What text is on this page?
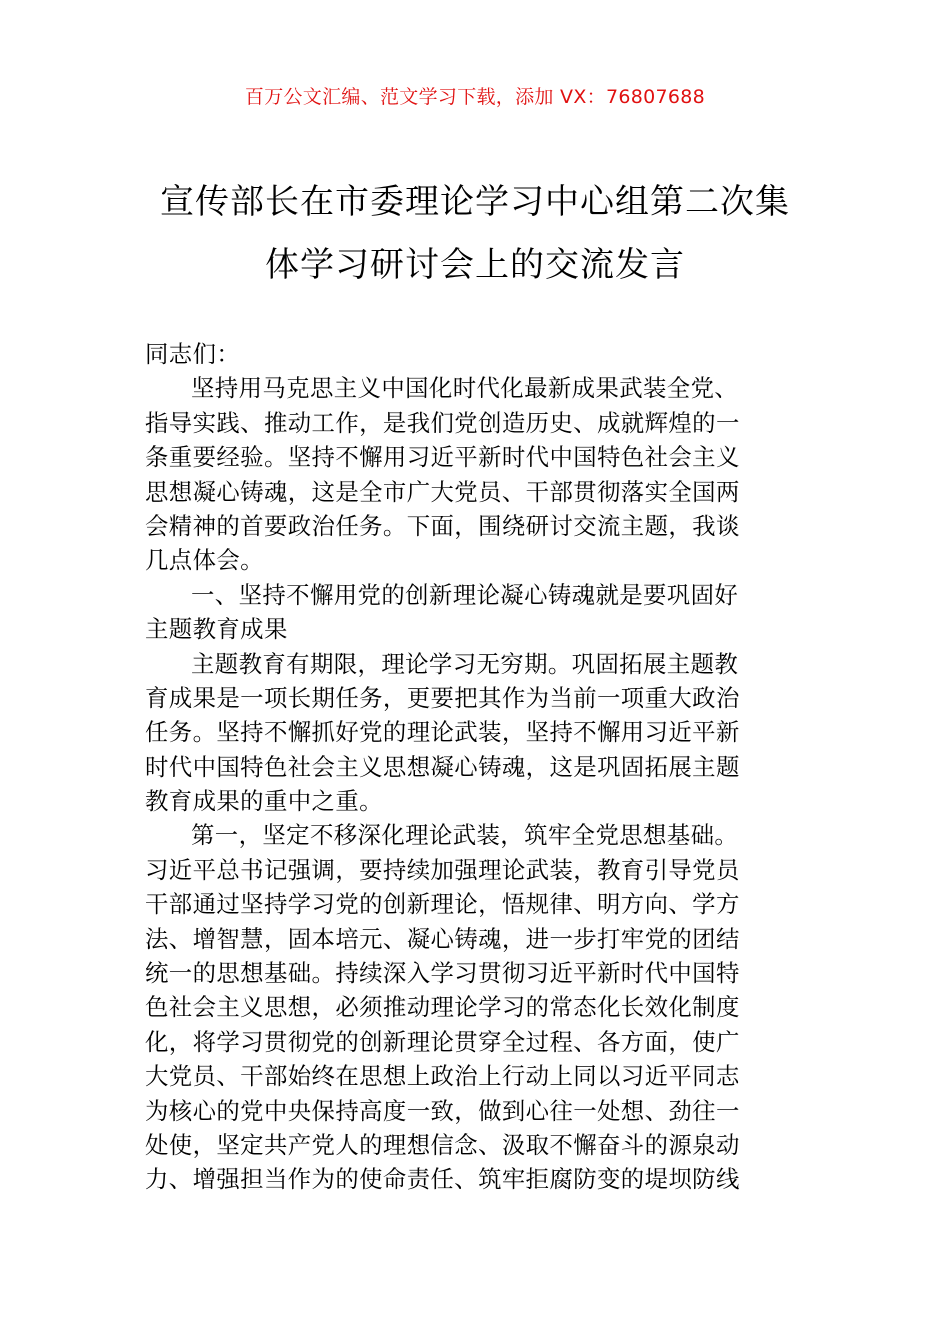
百万公文汇编、范文学习下载，添加 VX：76807688
宣传部长在市委理论学习中心组第二次集
体学习研讨会上的交流发言
同志们：
坚持用马克思主义中国化时代化最新成果武装全党、
指导实践、推动工作，是我们党创造历史、成就辉煌的一
条重要经验。坚持不懈用习近平新时代中国特色社会主义
思想凝心铸魂，这是全市广大党员、干部贯彻落实全国两
会精神的首要政治任务。下面，围绕研讨交流主题，我谈
几点体会。
一、坚持不懈用党的创新理论凝心铸魂就是要巩固好
主题教育成果
主题教育有期限，理论学习无穷期。巩固拓展主题教
育成果是一项长期任务，更要把其作为当前一项重大政治
任务。坚持不懈抓好党的理论武装，坚持不懈用习近平新
时代中国特色社会主义思想凝心铸魂，这是巩固拓展主题
教育成果的重中之重。
第一，坚定不移深化理论武装，筑牢全党思想基础。
习近平总书记强调，要持续加强理论武装，教育引导党员
干部通过坚持学习党的创新理论，悟规律、明方向、学方
法、增智慧，固本培元、凝心铸魂，进一步打牢党的团结
统一的思想基础。持续深入学习贯彻习近平新时代中国特
色社会主义思想，必须推动理论学习的常态化长效化制度
化，将学习贯彻党的创新理论贯穿全过程、各方面，使广
大党员、干部始终在思想上政治上行动上同以习近平同志
为核心的党中央保持高度一致，做到心往一处想、劲往一
处使，坚定共产党人的理想信念、汲取不懈奋斗的源泉动
力、增强担当作为的使命责任、筑牢拒腐防变的堤坝防线
